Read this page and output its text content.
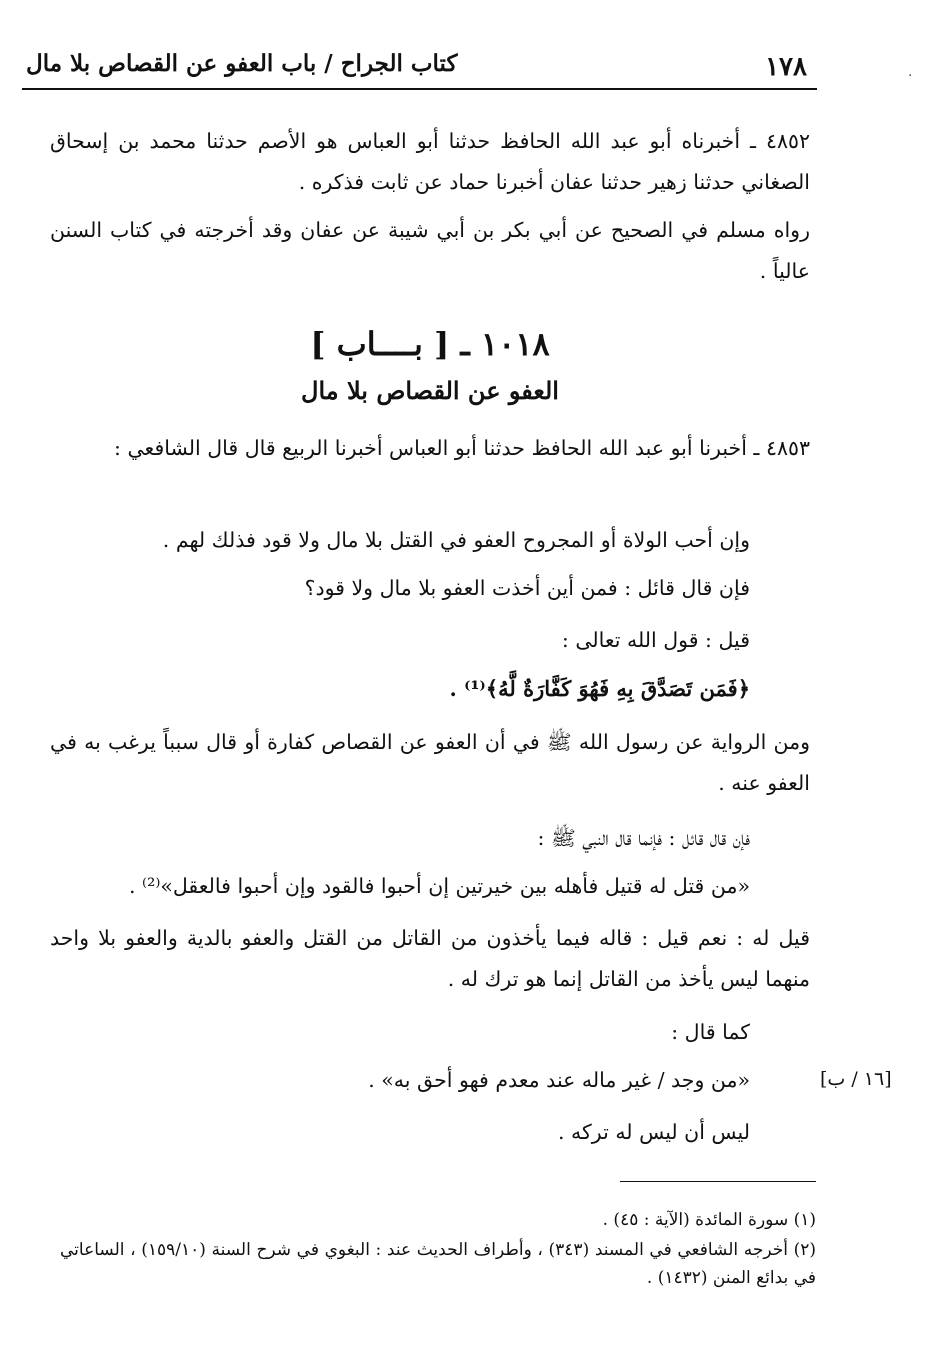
١٧٨
كتاب الجراح / باب العفو عن القصاص بلا مال
٤٨٥٢ ـ أخبرناه أبو عبد الله الحافظ حدثنا أبو العباس هو الأصم حدثنا محمد بن إسحاق الصغاني حدثنا زهير حدثنا عفان أخبرنا حماد عن ثابت فذكره .
رواه مسلم في الصحيح عن أبي بكر بن أبي شيبة عن عفان وقد أخرجته في كتاب السنن عالياً .
١٠١٨ ـ [ بــــاب ]
العفو عن القصاص بلا مال
٤٨٥٣ ـ أخبرنا أبو عبد الله الحافظ حدثنا أبو العباس أخبرنا الربيع قال قال الشافعي :
وإن أحب الولاة أو المجروح العفو في القتل بلا مال ولا قود فذلك لهم .
فإن قال قائل : فمن أين أخذت العفو بلا مال ولا قود؟
قيل : قول الله تعالى :
﴿فَمَن تَصَدَّقَ بِهِ فَهُوَ كَفَّارَةٌ لَّهُ﴾⁽¹⁾ .
ومن الرواية عن رسول الله ﷺ في أن العفو عن القصاص كفارة أو قال سبباً يرغب به في العفو عنه .
فإن قال قائل : فإنما قال النبي ﷺ :
«من قتل له قتيل فأهله بين خيرتين إن أحبوا فالقود وإن أحبوا فالعقل»⁽²⁾ .
قيل له : نعم قيل : قاله فيما يأخذون من القاتل من القتل والعفو بالدية والعفو بلا واحد منهما ليس يأخذ من القاتل إنما هو ترك له .
كما قال :
«من وجد / غير ماله عند معدم فهو أحق به» .	[١٦ / ب]
ليس أن ليس له تركه .
(١) سورة المائدة (الآية : ٤٥) .
(٢) أخرجه الشافعي في المسند (٣٤٣) ، وأطراف الحديث عند : البغوي في شرح السنة (١٥٩/١٠) ، الساعاتي في بدائع المنن (١٤٣٢) .
·
